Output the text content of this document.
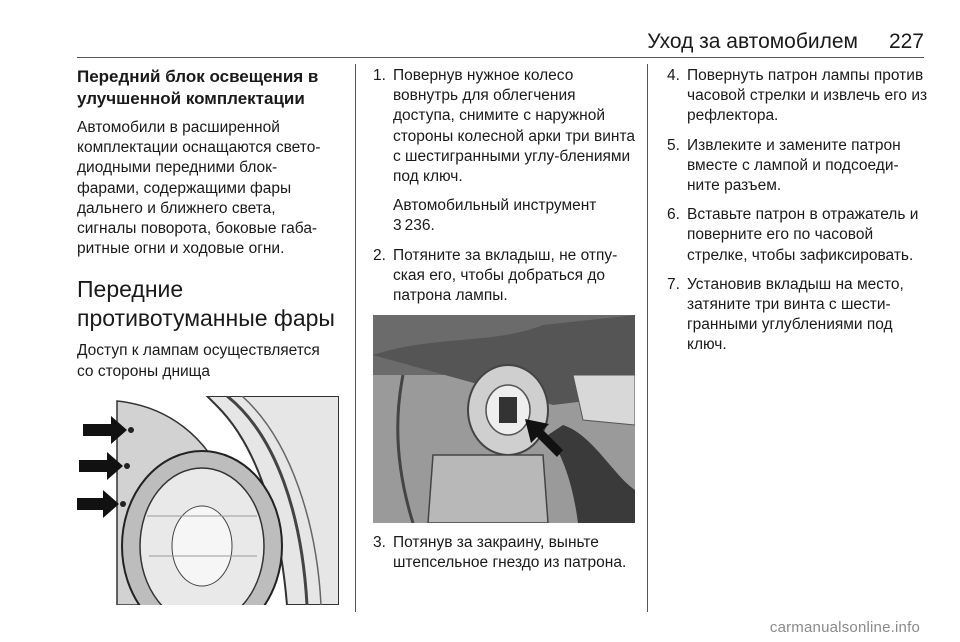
Уход за автомобилем 227
Передний блок освещения в улучшенной комплектации

Автомобили в расширенной комплектации оснащаются свето-диодными передними блок-фарами, содержащими фары дальнего и ближнего света, сигналы поворота, боковые габа-ритные огни и ходовые огни.

Передние противотуманные фары

Доступ к лампам осуществляется со стороны днища

1. Повернув нужное колесо вовнутрь для облегчения доступа, снимите с наружной стороны колесной арки три винта с шестигранными углу-блениями под ключ.

Автомобильный инструмент

3 236.

2. Потяните за вкладыш, не отпу-ская его, чтобы добраться до патрона лампы.
3. Потянув за закраину, выньте штепсельное гнездо из патрона.
4. Повернуть патрон лампы против часовой стрелки и извлечь его из рефлектора.
5. Извлеките и замените патрон вместе с лампой и подсоеди-ните разъем.
6. Вставьте патрон в отражатель и поверните его по часовой стрелке, чтобы зафиксировать.
7. Установив вкладыш на место, затяните три винта с шести-гранными углублениями под ключ.
carmanualsonline.info
